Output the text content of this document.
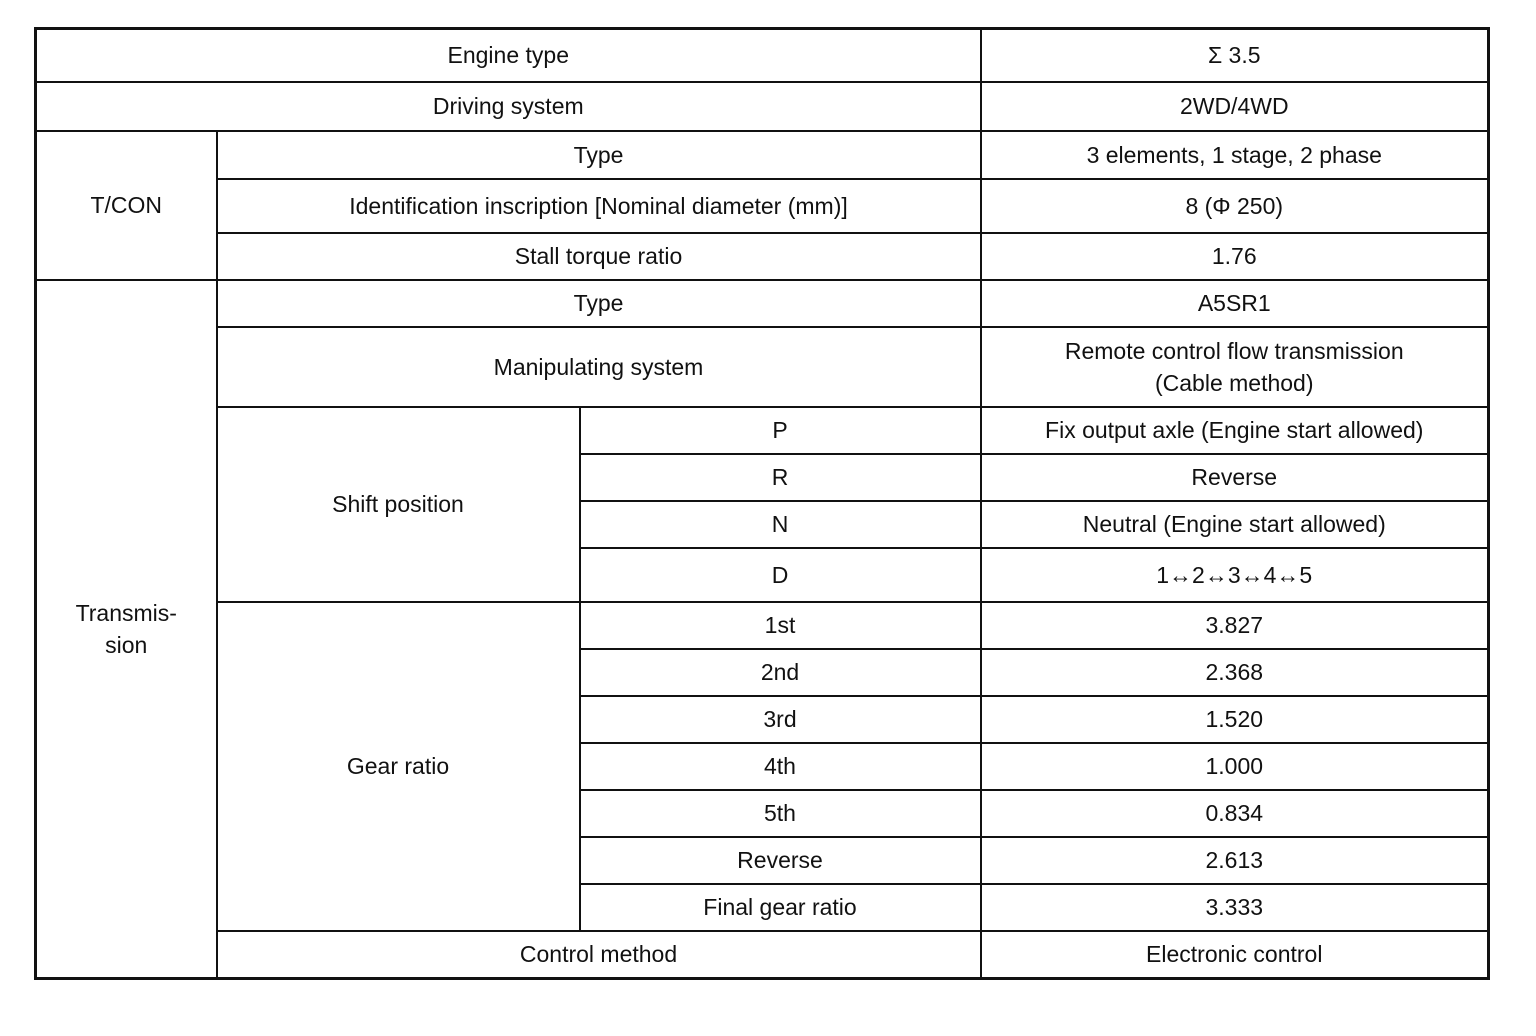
Engine type			Σ 3.5
Driving system			2WD/4WD
T/CON	Type		3 elements, 1 stage, 2 phase
	Identification inscription [Nominal diameter (mm)]		8 (Φ 250)
	Stall torque ratio		1.76

Transmis-
sion	Type		A5SR1
	Manipulating system		Remote control flow transmission
(Cable method)

	Shift position	P	Fix output axle (Engine start allowed)
		R	Reverse
		N	Neutral (Engine start allowed)
		D	1↔2↔3↔4↔5
	Gear ratio	1st	3.827
		2nd	2.368
		3rd	1.520
		4th	1.000
		5th	0.834
		Reverse	2.613
		Final gear ratio	3.333
	Control method		Electronic control
